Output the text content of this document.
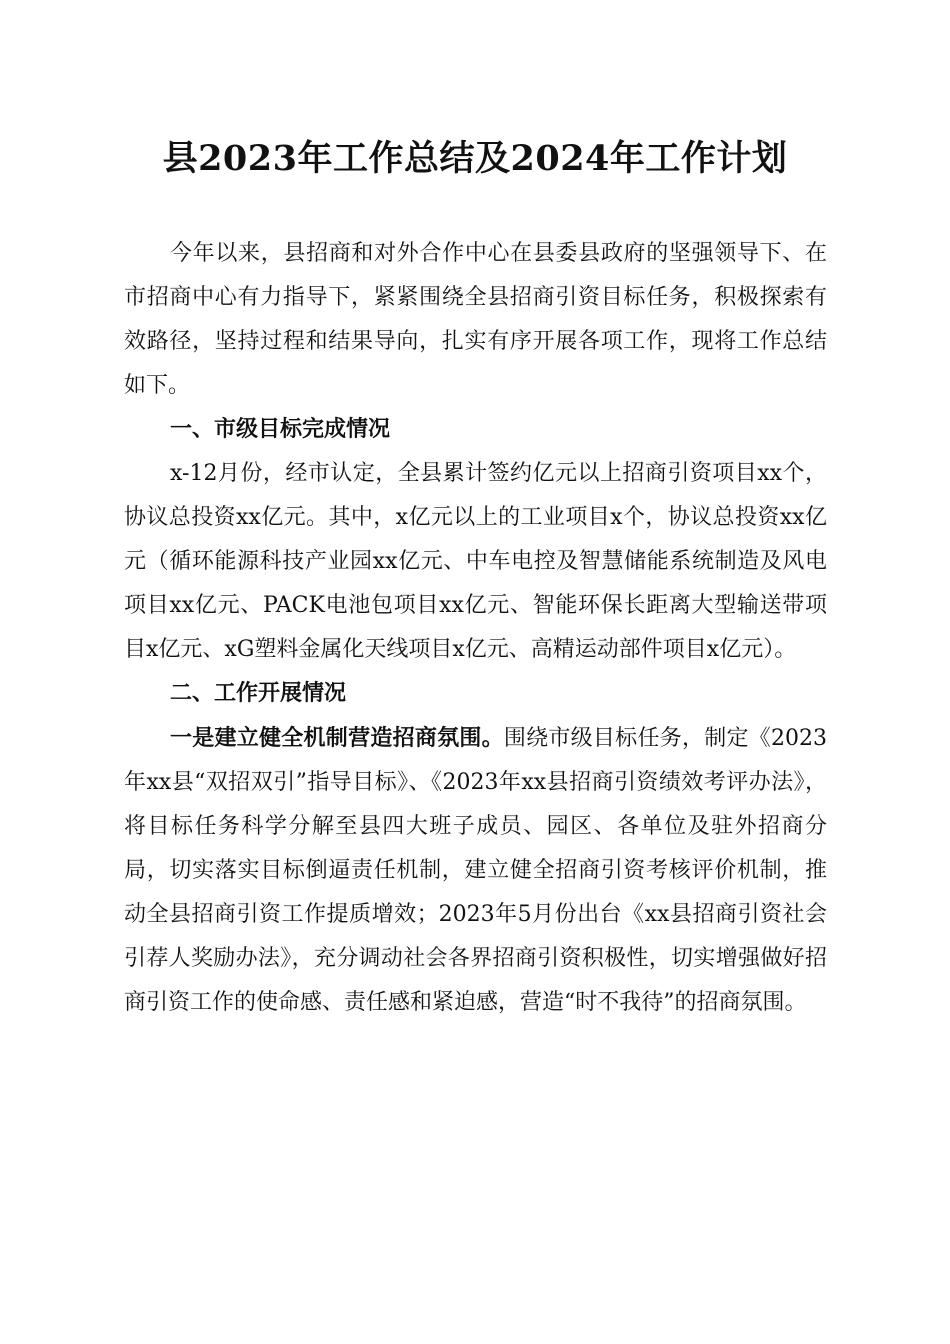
县2023年工作总结及2024年工作计划

今年以来，县招商和对外合作中心在县委县政府的坚强领导下、在市招商中心有力指导下，紧紧围绕全县招商引资目标任务，积极探索有效路径，坚持过程和结果导向，扎实有序开展各项工作，现将工作总结如下。

一、市级目标完成情况

x-12月份，经市认定，全县累计签约亿元以上招商引资项目xx个，协议总投资xx亿元。其中，x亿元以上的工业项目x个，协议总投资xx亿元（循环能源科技产业园xx亿元、中车电控及智慧储能系统制造及风电项目xx亿元、PACK电池包项目xx亿元、智能环保长距离大型输送带项目x亿元、xG塑料金属化天线项目x亿元、高精运动部件项目x亿元）。

二、工作开展情况

一是建立健全机制营造招商氛围。围绕市级目标任务，制定《2023年xx县“双招双引”指导目标》、《2023年xx县招商引资绩效考评办法》，将目标任务科学分解至县四大班子成员、园区、各单位及驻外招商分局，切实落实目标倒逼责任机制，建立健全招商引资考核评价机制，推动全县招商引资工作提质增效；2023年5月份出台《xx县招商引资社会引荐人奖励办法》，充分调动社会各界招商引资积极性，切实增强做好招商引资工作的使命感、责任感和紧迫感，营造“时不我待”的招商氛围。
